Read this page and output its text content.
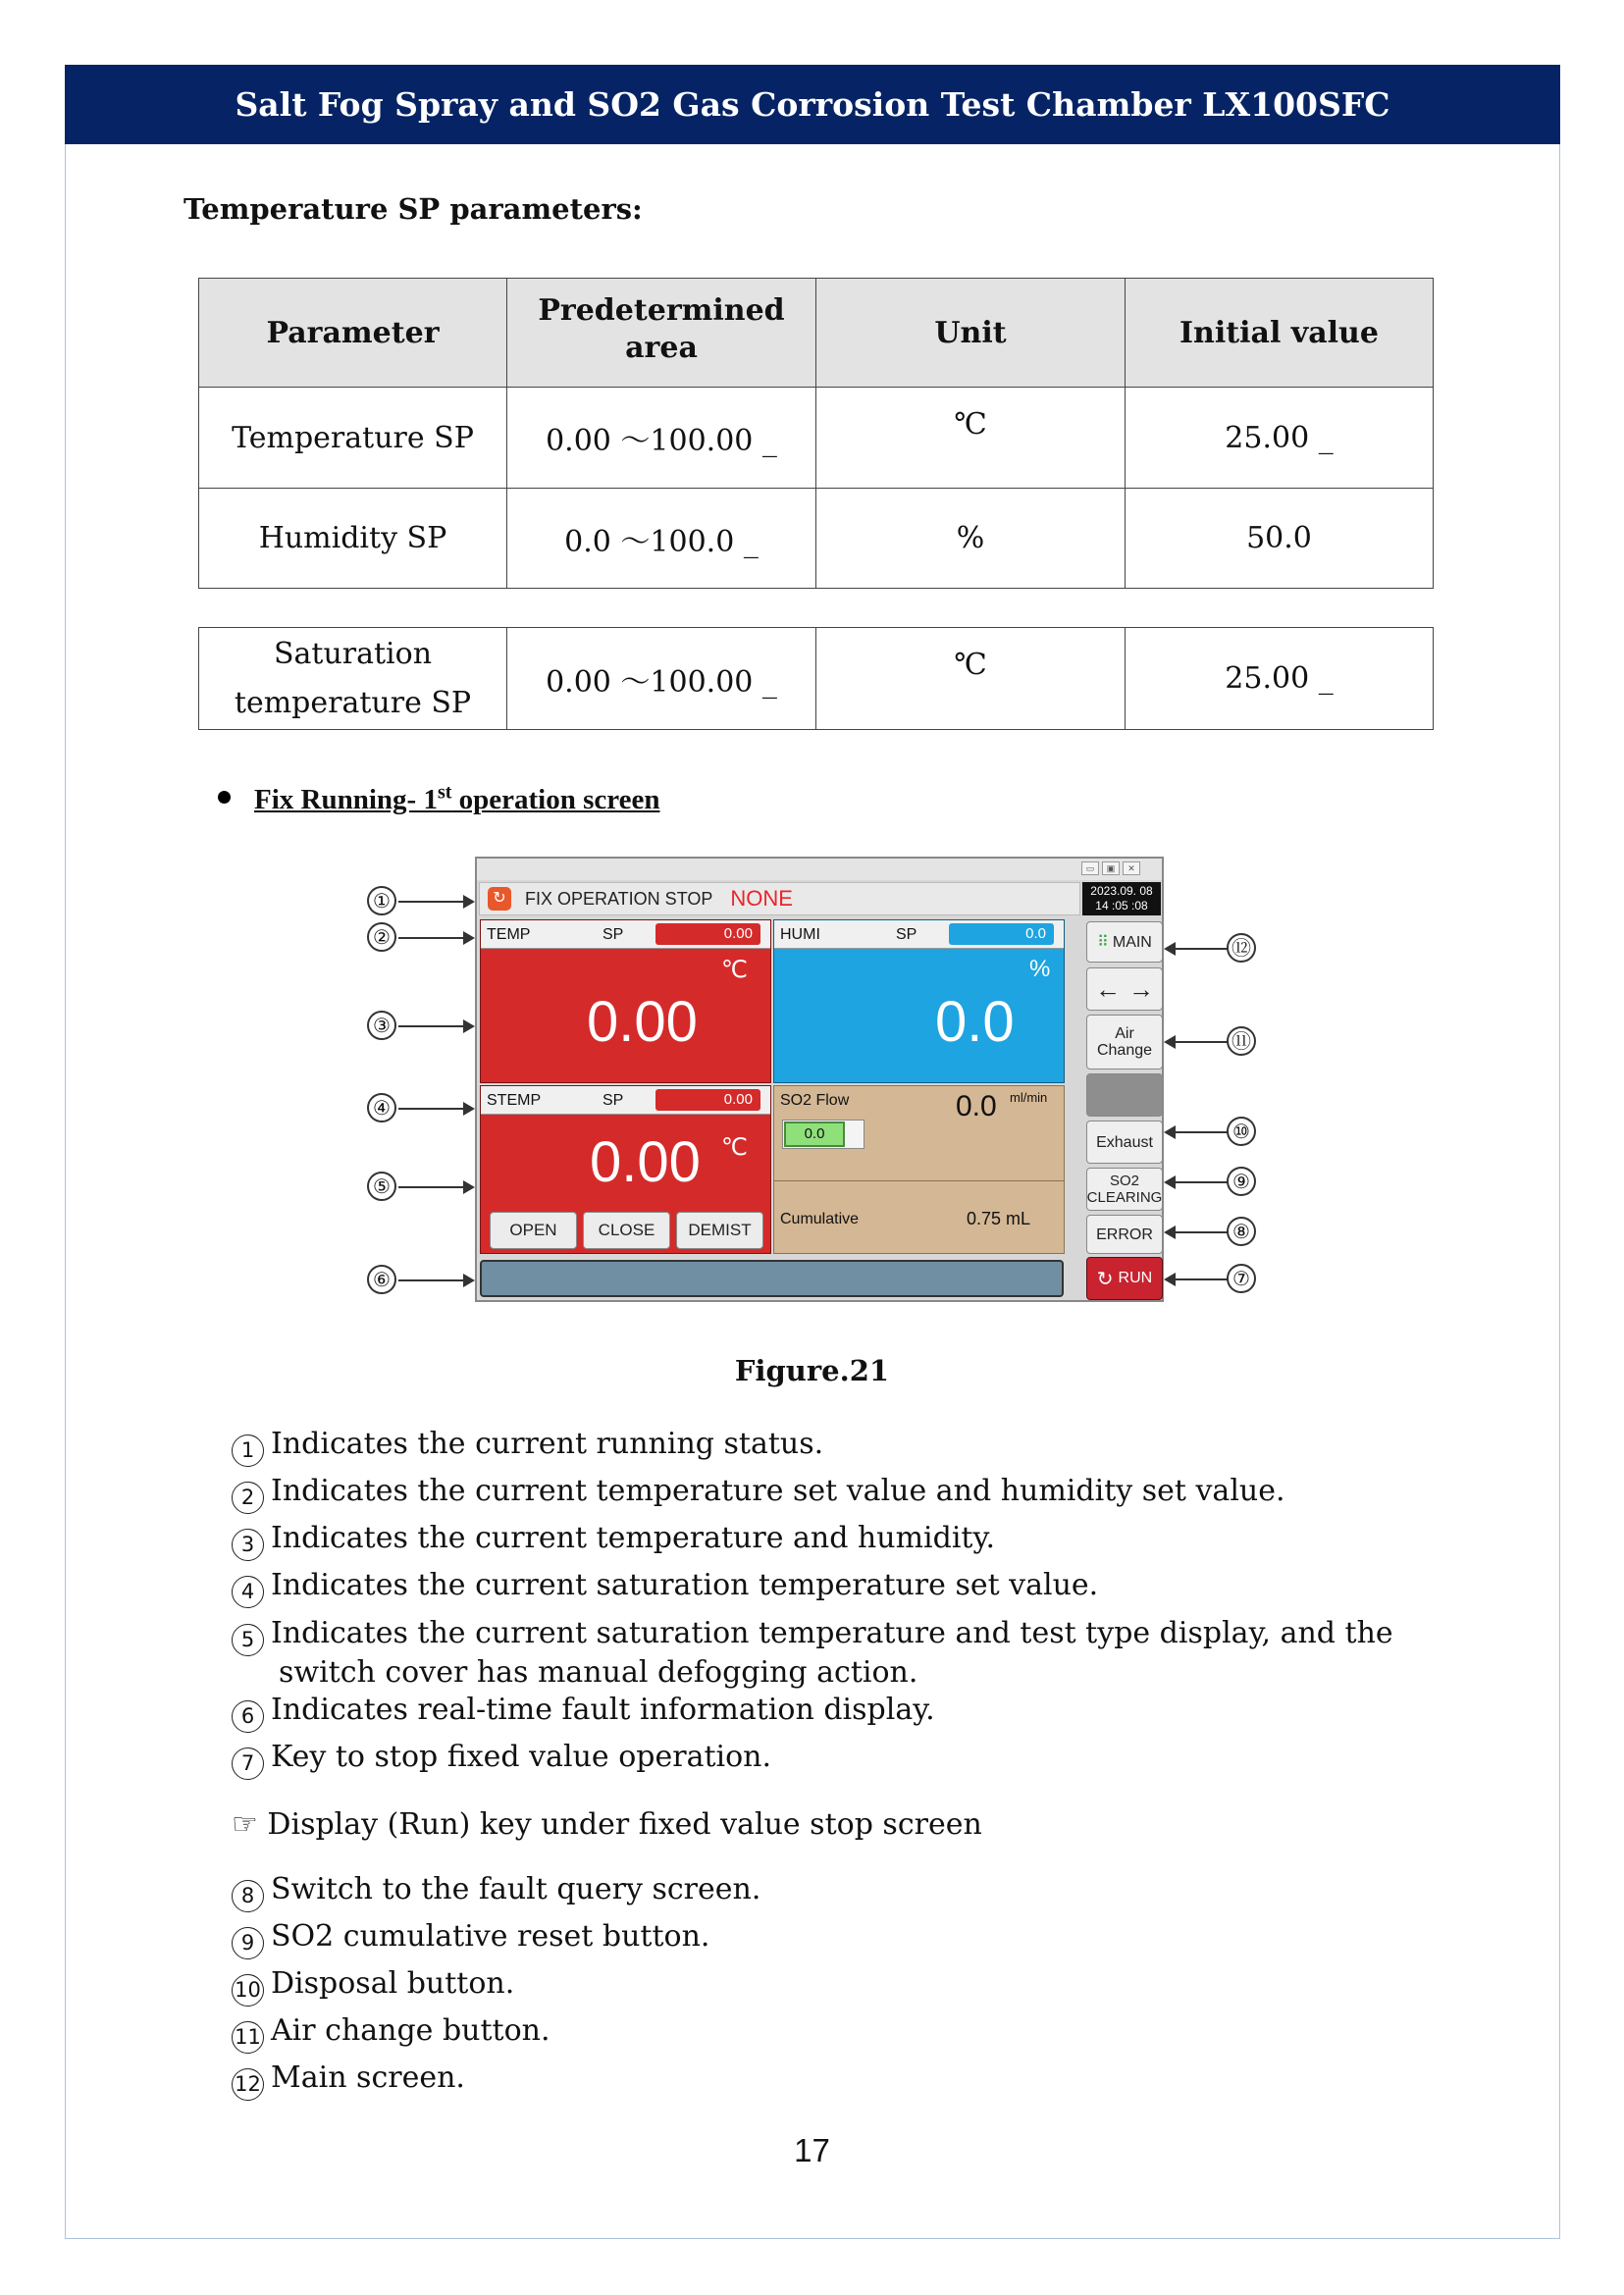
Salt Fog Spray and SO2 Gas Corrosion Test Chamber LX100SFC
Temperature SP parameters:
Parameter	Predetermined area	Unit	Initial value
Temperature SP	0.00 ～100.00 _	℃	25.00 _
Humidity SP	0.0 ～100.0 _	%	50.0
Saturation temperature SP	0.00 ～100.00 _	℃	25.00 _
Fix Running- 1st operation screen
▭	▣	✕
↻ FIX OPERATION STOP NONE	2023.09. 08
14 :05 :08
TEMP	SP	0.00
℃
0.00
HUMI	SP	0.0
%
0.0
STEMP	SP	0.00
0.00 ℃
OPEN	CLOSE	DEMIST
SO2 Flow	0.0 ml/min
0.0
Cumulative	0.75 mL
⠿ MAIN
← →
Air Change
Exhaust
SO2 CLEARING
ERROR
↻ RUN
①
②
③
④
⑤
⑥
⑫
⑪
⑩
⑨
⑧
⑦
Figure.21
1 Indicates the current running status.
2 Indicates the current temperature set value and humidity set value.
3 Indicates the current temperature and humidity.
4 Indicates the current saturation temperature set value.
5 Indicates the current saturation temperature and test type display, and the
switch cover has manual defogging action.
6 Indicates real-time fault information display.
7 Key to stop fixed value operation.
☞ Display (Run) key under fixed value stop screen
8 Switch to the fault query screen.
9 SO2 cumulative reset button.
10 Disposal button.
11 Air change button.
12 Main screen.
17
